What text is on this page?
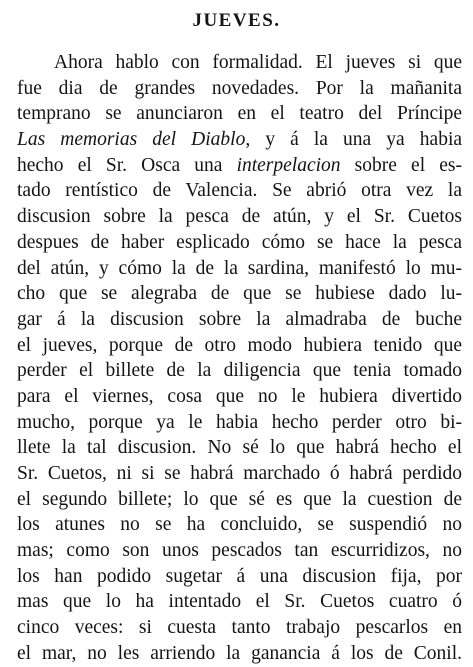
JUEVES.
Ahora hablo con formalidad. El jueves si que
fue dia de grandes novedades. Por la mañanita
temprano se anunciaron en el teatro del Príncipe
Las memorias del Diablo, y á la una ya habia
hecho el Sr. Osca una interpelacion sobre el es-
tado rentístico de Valencia. Se abrió otra vez la
discusion sobre la pesca de atún, y el Sr. Cuetos
despues de haber esplicado cómo se hace la pesca
del atún, y cómo la de la sardina, manifestó lo mu-
cho que se alegraba de que se hubiese dado lu-
gar á la discusion sobre la almadraba de buche
el jueves, porque de otro modo hubiera tenido que
perder el billete de la diligencia que tenia tomado
para el viernes, cosa que no le hubiera divertido
mucho, porque ya le habia hecho perder otro bi-
llete la tal discusion. No sé lo que habrá hecho el
Sr. Cuetos, ni si se habrá marchado ó habrá perdido
el segundo billete; lo que sé es que la cuestion de
los atunes no se ha concluido, se suspendió no
mas; como son unos pescados tan escurridizos, no
los han podido sugetar á una discusion fija, por
mas que lo ha intentado el Sr. Cuetos cuatro ó
cinco veces: si cuesta tanto trabajo pescarlos en
el mar, no les arriendo la ganancia á los de Conil.
